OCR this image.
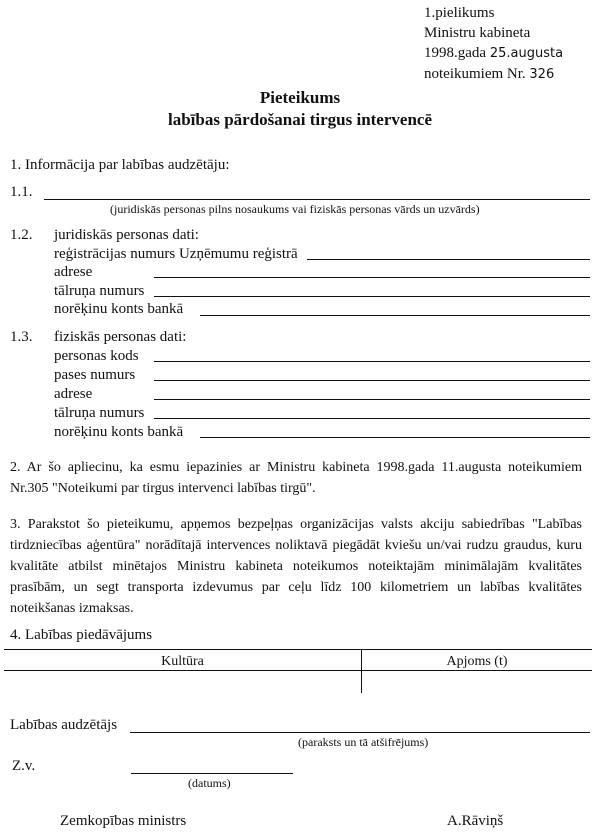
1.pielikums
Ministru kabineta
1998.gada 25.augusta
noteikumiem Nr. 326
Pieteikums
labības pārdošanai tirgus intervencē
1. Informācija par labības audzētāju:
1.1.
(juridiskās personas pilns nosaukums vai fiziskās personas vārds un uzvārds)
1.2. juridiskās personas dati:
reģistrācijas numurs Uzņēmumu reģistrā
adrese
tālruņa numurs
norēķinu konts bankā
1.3. fiziskās personas dati:
personas kods
pases numurs
adrese
tālruņa numurs
norēķinu konts bankā
2. Ar šo apliecinu, ka esmu iepazinies ar Ministru kabineta 1998.gada 11.augusta noteikumiem Nr.305 "Noteikumi par tirgus intervenci labības tirgū".
3. Parakstot šo pieteikumu, apņemos bezpeļņas organizācijas valsts akciju sabiedrības "Labības tirdzniecības aģentūra" norādītajā intervences noliktavā piegādāt kviešu un/vai rudzu graudus, kuru kvalitāte atbilst minētajos Ministru kabineta noteikumos noteiktajām minimālajām kvalitātes prasībām, un segt transporta izdevumus par ceļu līdz 100 kilometriem un labības kvalitātes noteikšanas izmaksas.
4. Labības piedāvājums
Kultūra	Apjoms (t)
Labības audzētājs
(paraksts un tā atšifrējums)
Z.v.
(datums)
Zemkopības ministrs	A.Rāviņš
